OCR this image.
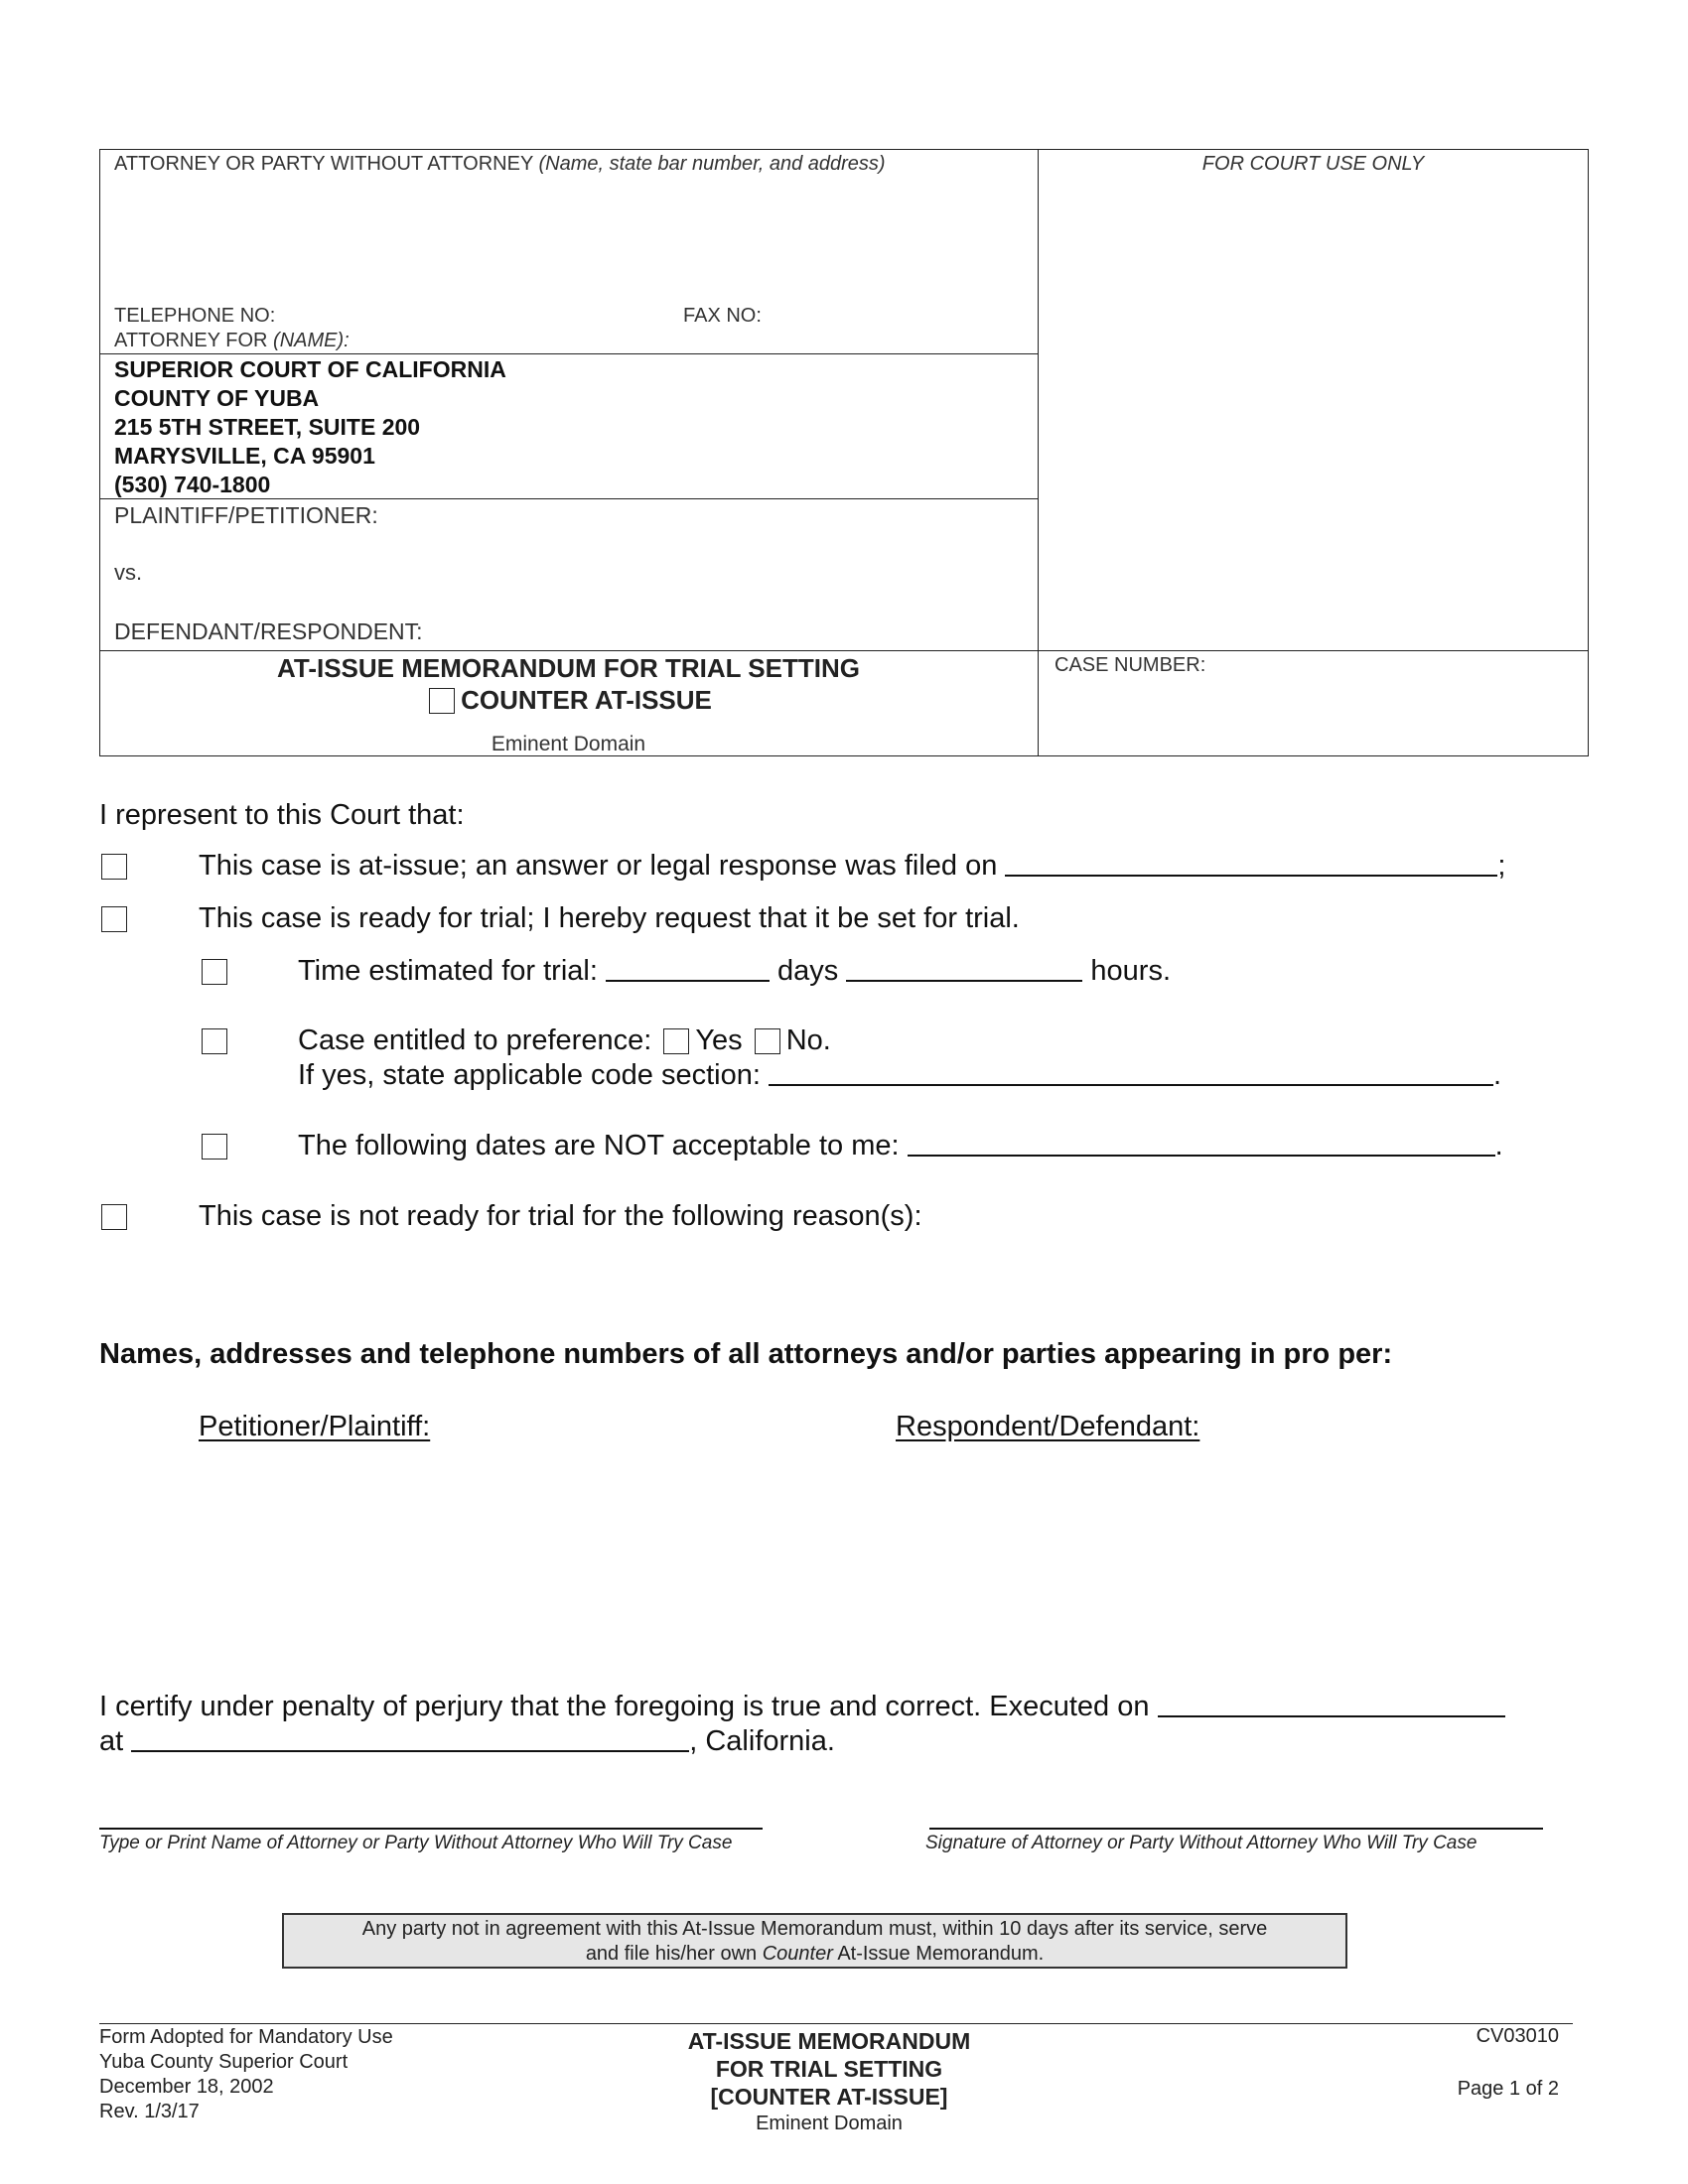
ATTORNEY OR PARTY WITHOUT ATTORNEY (Name, state bar number, and address)	FOR COURT USE ONLY
TELEPHONE NO:	FAX NO:
ATTORNEY FOR (NAME):
SUPERIOR COURT OF CALIFORNIA
COUNTY OF YUBA
215 5TH STREET, SUITE 200
MARYSVILLE, CA 95901
(530) 740-1800
PLAINTIFF/PETITIONER:
vs.
DEFENDANT/RESPONDENT:
AT-ISSUE MEMORANDUM FOR TRIAL SETTING
COUNTER AT-ISSUE
Eminent Domain
CASE NUMBER:
I represent to this Court that:
This case is at-issue; an answer or legal response was filed on	;
This case is ready for trial; I hereby request that it be set for trial.
Time estimated for trial:	days	hours.
Case entitled to preference: Yes No.
If yes, state applicable code section:	.
The following dates are NOT acceptable to me:	.
This case is not ready for trial for the following reason(s):
Names, addresses and telephone numbers of all attorneys and/or parties appearing in pro per:
Petitioner/Plaintiff:	Respondent/Defendant:
I certify under penalty of perjury that the foregoing is true and correct. Executed on
at	, California.
Type or Print Name of Attorney or Party Without Attorney Who Will Try Case	Signature of Attorney or Party Without Attorney Who Will Try Case
Any party not in agreement with this At-Issue Memorandum must, within 10 days after its service, serve
and file his/her own Counter At-Issue Memorandum.
Form Adopted for Mandatory Use
Yuba County Superior Court
December 18, 2002
Rev. 1/3/17
AT-ISSUE MEMORANDUM
FOR TRIAL SETTING
[COUNTER AT-ISSUE]
Eminent Domain
CV03010
Page 1 of 2
